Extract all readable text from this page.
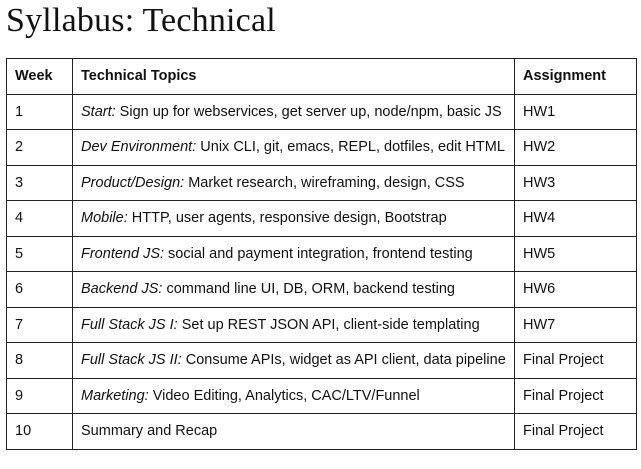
Syllabus: Technical
Week	Technical Topics	Assignment
1	Start: Sign up for webservices, get server up, node/npm, basic JS	HW1
2	Dev Environment: Unix CLI, git, emacs, REPL, dotfiles, edit HTML	HW2
3	Product/Design: Market research, wireframing, design, CSS	HW3
4	Mobile: HTTP, user agents, responsive design, Bootstrap	HW4
5	Frontend JS: social and payment integration, frontend testing	HW5
6	Backend JS: command line UI, DB, ORM, backend testing	HW6
7	Full Stack JS I: Set up REST JSON API, client-side templating	HW7
8	Full Stack JS II: Consume APIs, widget as API client, data pipeline	Final Project
9	Marketing: Video Editing, Analytics, CAC/LTV/Funnel	Final Project
10	Summary and Recap	Final Project
